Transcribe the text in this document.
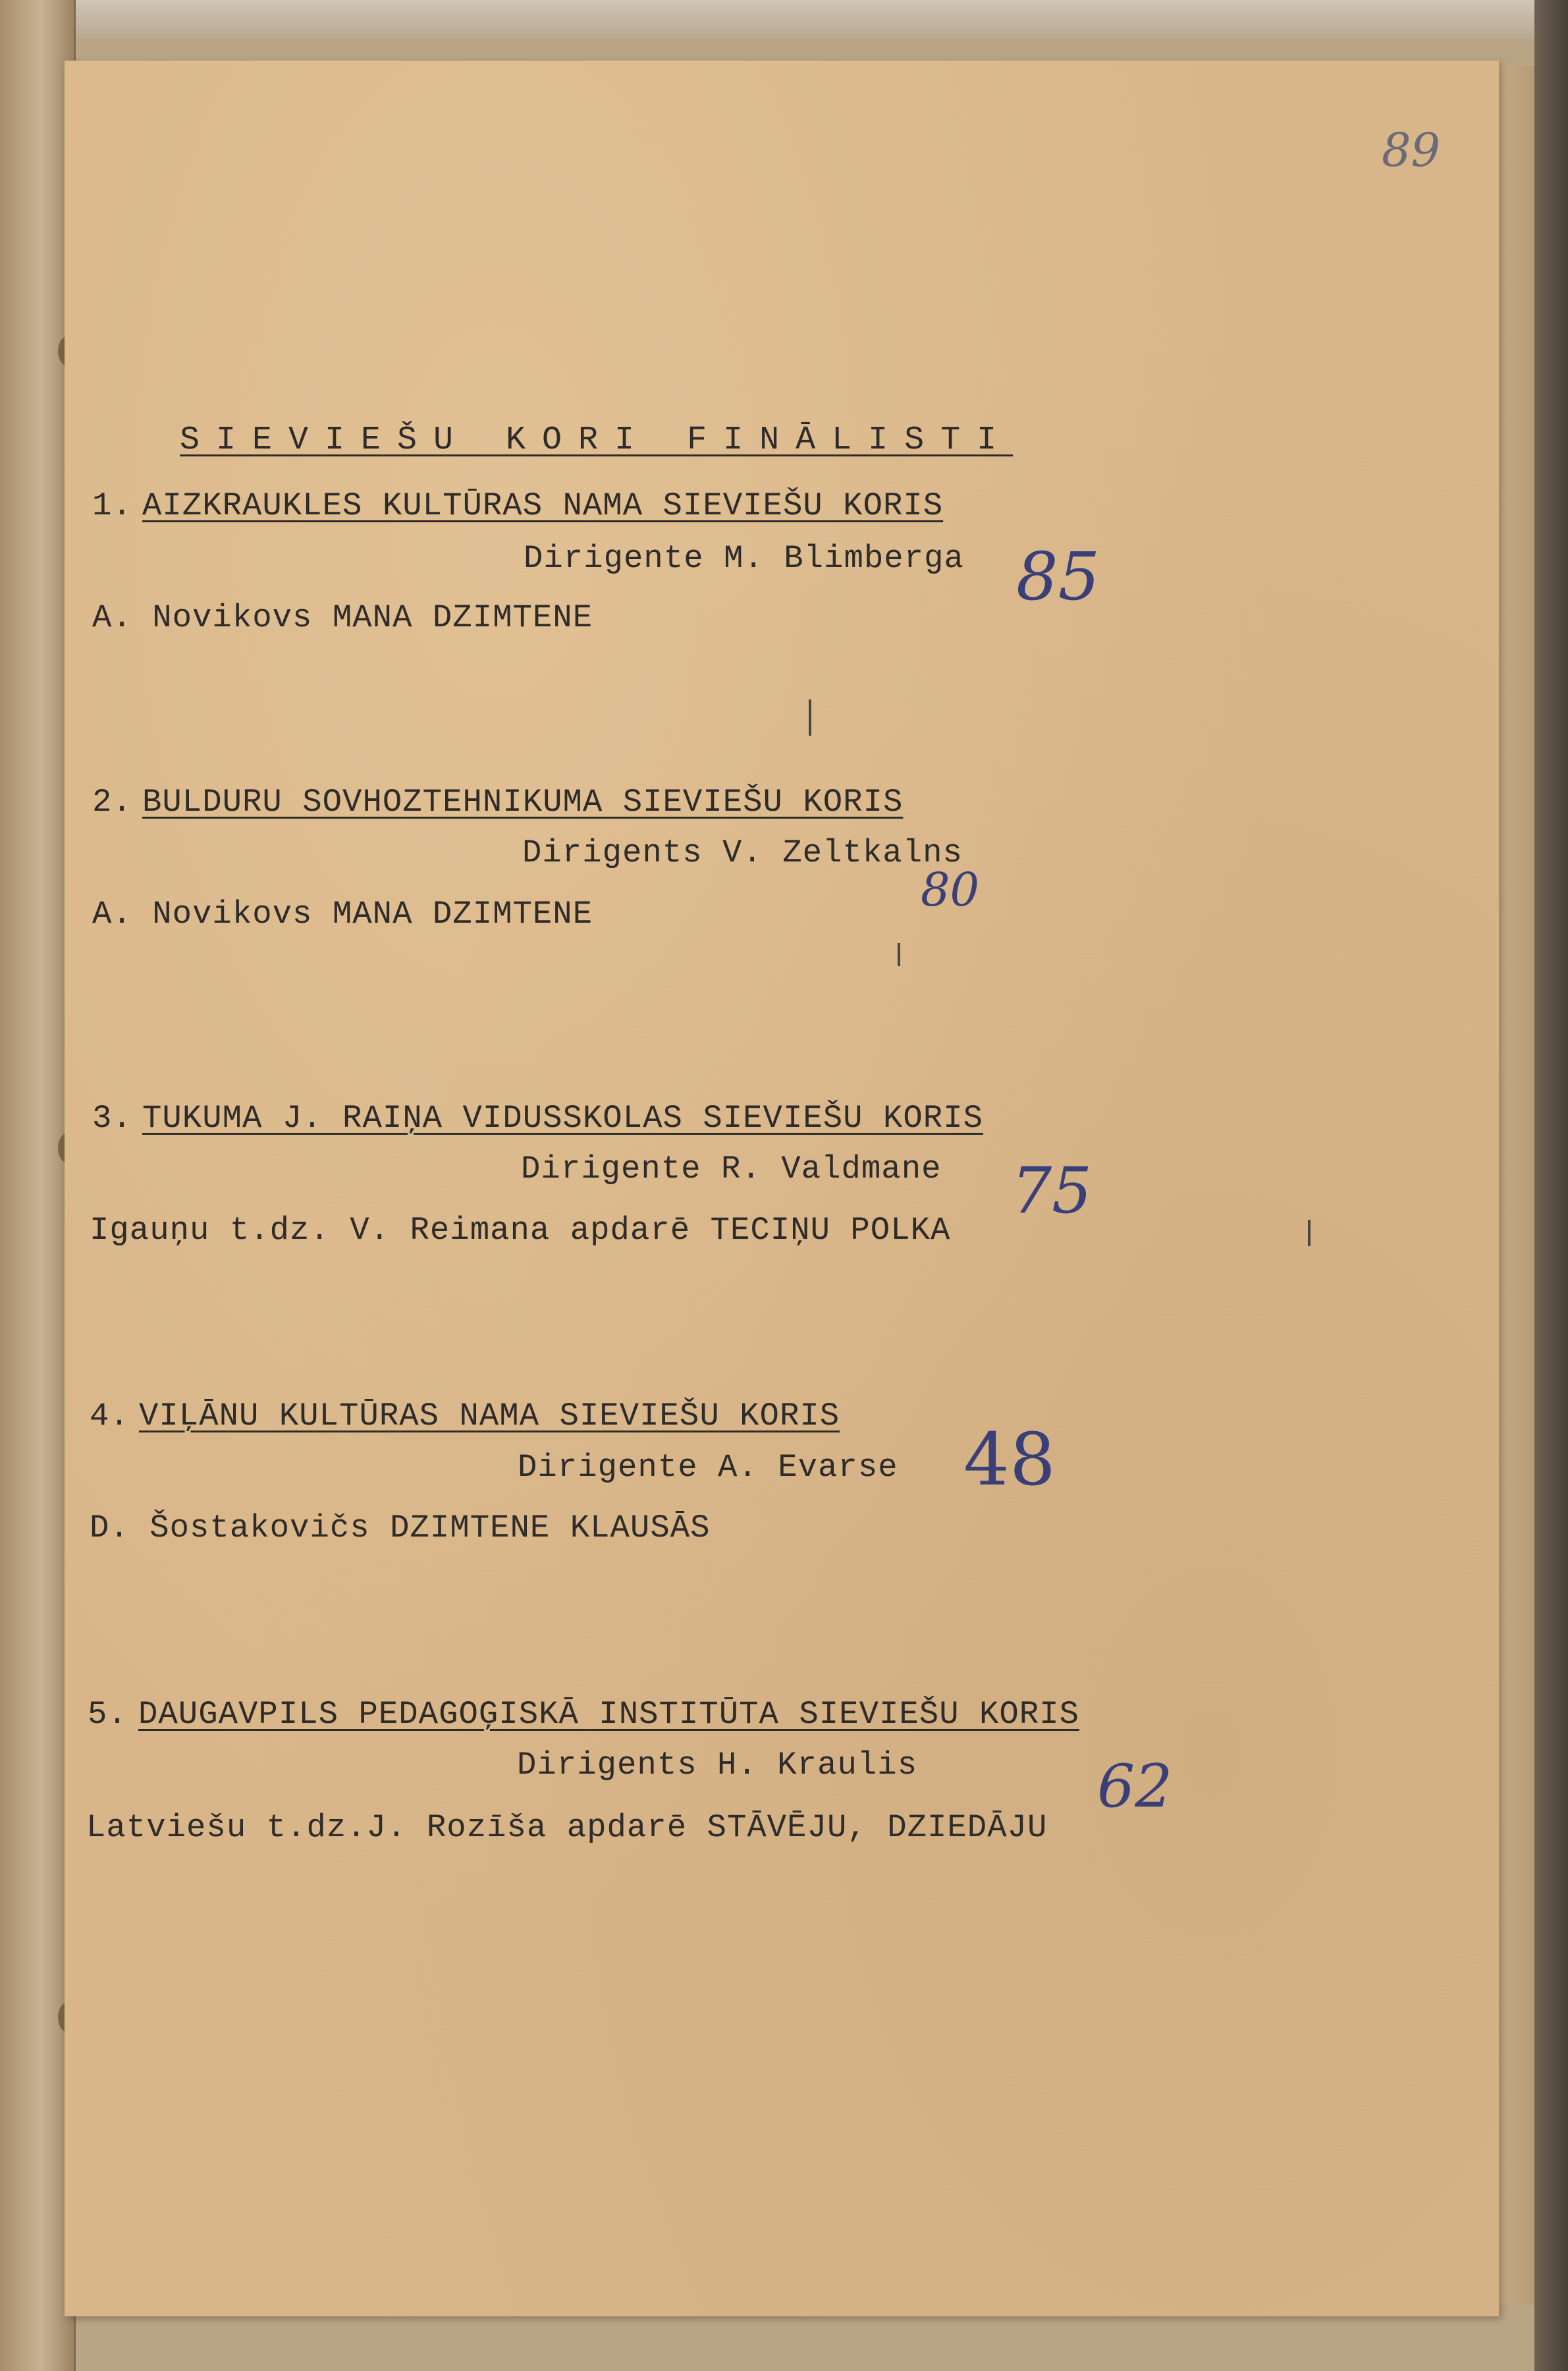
89
SIEVIEŠU KORI FINĀLISTI
1. AIZKRAUKLES KULTŪRAS NAMA SIEVIEŠU KORIS
Dirigente M. Blimberga
A. Novikovs MANA DZIMTENE
85
2. BULDURU SOVHOZTEHNIKUMA SIEVIEŠU KORIS
Dirigents V. Zeltkalns
A. Novikovs MANA DZIMTENE	80
3. TUKUMA J. RAIŅA VIDUSSKOLAS SIEVIEŠU KORIS
Dirigente R. Valdmane
Igauņu t.dz. V. Reimana apdarē TECIŅU POLKA
75
4. VIĻĀNU KULTŪRAS NAMA SIEVIEŠU KORIS
Dirigente A. Evarse
D. Šostakovičs DZIMTENE KLAUSĀS
48
5. DAUGAVPILS PEDAGOĢISKĀ INSTITŪTA SIEVIEŠU KORIS
Dirigents H. Kraulis
Latviešu t.dz.J. Rozīša apdarē STĀVĒJU, DZIEDĀJU
62
